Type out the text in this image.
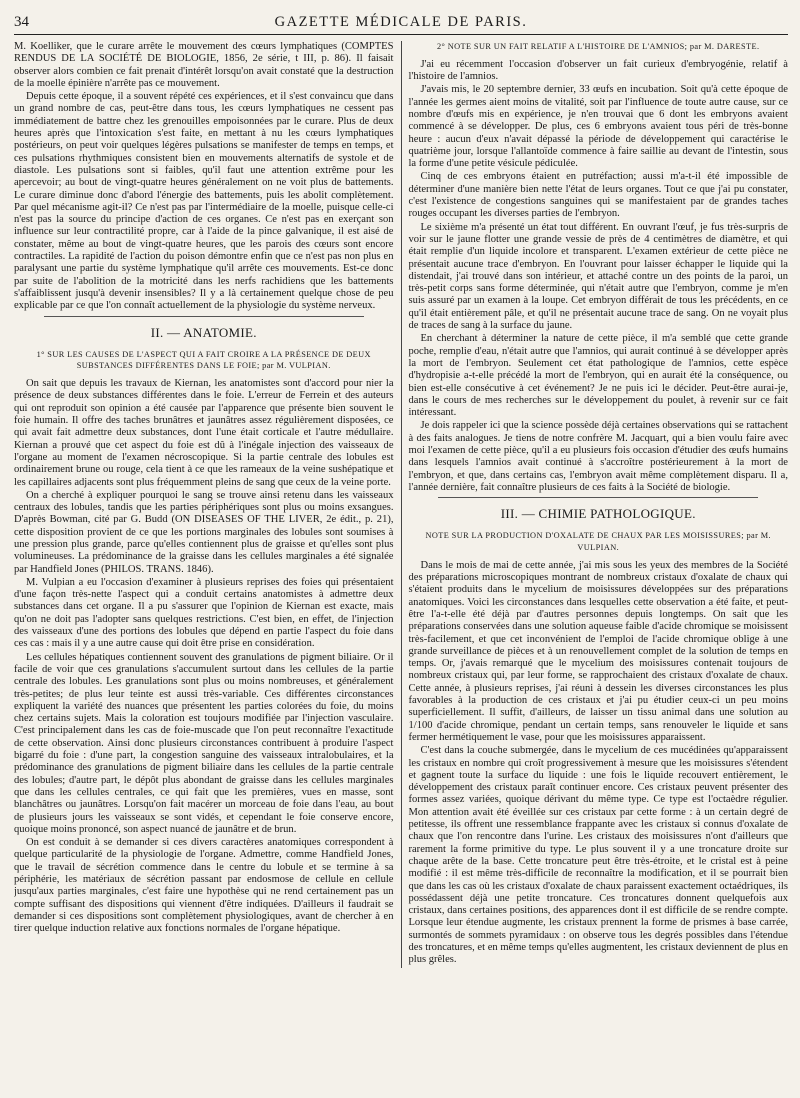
34	GAZETTE MÉDICALE DE PARIS.

M. Koelliker, que le curare arrête le mouvement des cœurs lymphatiques (COMPTES RENDUS DE LA SOCIÉTÉ DE BIOLOGIE, 1856, 2e série, t III, p. 86). Il faisait observer alors combien ce fait prenait d'intérêt lorsqu'on avait constaté que la destruction de la moelle épinière n'arrête pas ce mouvement.

Depuis cette époque, il a souvent répété ces expériences, et il s'est convaincu que dans un grand nombre de cas, peut-être dans tous, les cœurs lymphatiques ne cessent pas immédiatement de battre chez les grenouilles empoisonnées par le curare. Plus de deux heures après que l'intoxication s'est faite, en mettant à nu les cœurs lymphatiques postérieurs, on peut voir quelques légères pulsations se manifester de temps en temps, et ces pulsations rhythmiques consistent bien en mouvements alternatifs de systole et de diastole. Les pulsations sont si faibles, qu'il faut une attention extrême pour les apercevoir; au bout de vingt-quatre heures généralement on ne voit plus de battements. Le curare diminue donc d'abord l'énergie des battements, puis les abolit complètement. Par quel mécanisme agit-il? Ce n'est pas par l'intermédiaire de la moelle, puisque celle-ci n'est pas la source du principe d'action de ces organes. Ce n'est pas en exerçant son influence sur leur contractilité propre, car à l'aide de la pince galvanique, il est aisé de constater, même au bout de vingt-quatre heures, que les parois des cœurs sont encore contractiles. La rapidité de l'action du poison démontre enfin que ce n'est pas non plus en paralysant une partie du système lymphatique qu'il arrête ces mouvements. Est-ce donc par suite de l'abolition de la motricité dans les nerfs rachidiens que les battements s'affaiblissent jusqu'à devenir insensibles? Il y a là certainement quelque chose de peu explicable par ce que l'on connaît actuellement de la physiologie du système nerveux.

II. — ANATOMIE.
1° SUR LES CAUSES DE L'ASPECT QUI A FAIT CROIRE A LA PRÉSENCE DE DEUX SUBSTANCES DIFFÉRENTES DANS LE FOIE; par M. VULPIAN.

On sait que depuis les travaux de Kiernan, les anatomistes sont d'accord pour nier la présence de deux substances différentes dans le foie. L'erreur de Ferrein et des auteurs qui ont reproduit son opinion a été causée par l'apparence que présente bien souvent le foie humain. Il offre des taches brunâtres et jaunâtres assez régulièrement disposées, ce qui avait fait admettre deux substances, dont l'une était corticale et l'autre médullaire. Kiernan a prouvé que cet aspect du foie est dû à l'inégale injection des vaisseaux de l'organe au moment de l'examen nécroscopique. Si la partie centrale des lobules est ordinairement brune ou rouge, cela tient à ce que les rameaux de la veine sushépatique et les capillaires adjacents sont plus fréquemment pleins de sang que ceux de la veine porte.

On a cherché à expliquer pourquoi le sang se trouve ainsi retenu dans les vaisseaux centraux des lobules, tandis que les parties périphériques sont plus ou moins exsangues. D'après Bowman, cité par G. Budd (ON DISEASES OF THE LIVER, 2e édit., p. 21), cette disposition provient de ce que les portions marginales des lobules sont soumises à une pression plus grande, parce qu'elles contiennent plus de graisse et qu'elles sont plus volumineuses. La prédominance de la graisse dans les cellules marginales a été signalée par Handfield Jones (PHILOS. TRANS. 1846).

M. Vulpian a eu l'occasion d'examiner à plusieurs reprises des foies qui présentaient d'une façon très-nette l'aspect qui a conduit certains anatomistes à admettre deux substances dans cet organe. Il a pu s'assurer que l'opinion de Kiernan est exacte, mais qu'on ne doit pas l'adopter sans quelques restrictions. C'est bien, en effet, de l'injection des vaisseaux d'une des portions des lobules que dépend en partie l'aspect du foie dans ces cas : mais il y a une autre cause qui doit être prise en considération.

Les cellules hépatiques contiennent souvent des granulations de pigment biliaire. Or il facile de voir que ces granulations s'accumulent surtout dans les cellules de la partie centrale des lobules. Les granulations sont plus ou moins nombreuses, et généralement très-petites; de plus leur teinte est aussi très-variable. Ces différentes circonstances expliquent la variété des nuances que présentent les parties colorées du foie, du moins chez certains sujets. Mais la coloration est toujours modifiée par l'injection vasculaire. C'est principalement dans les cas de foie-muscade que l'on peut reconnaître l'exactitude de cette observation. Ainsi donc plusieurs circonstances contribuent à produire l'aspect bigarré du foie : d'une part, la congestion sanguine des vaisseaux intralobulaires, et la prédominance des granulations de pigment biliaire dans les cellules de la partie centrale des lobules; d'autre part, le dépôt plus abondant de graisse dans les cellules marginales que dans les cellules centrales, ce qui fait que les premières, vues en masse, sont blanchâtres ou jaunâtres. Lorsqu'on fait macérer un morceau de foie dans l'eau, au bout de plusieurs jours les vaisseaux se sont vidés, et cependant le foie conserve encore, quoique moins prononcé, son aspect nuancé de jaunâtre et de brun.

On est conduit à se demander si ces divers caractères anatomiques correspondent à quelque particularité de la physiologie de l'organe. Admettre, comme Handfield Jones, que le travail de sécrétion commence dans le centre du lobule et se termine à sa périphérie, les matériaux de sécrétion passant par endosmose de cellule en cellule jusqu'aux parties marginales, c'est faire une hypothèse qui ne rend certainement pas un compte suffisant des dispositions qui viennent d'être indiquées. D'ailleurs il faudrait se demander si ces dispositions sont complètement physiologiques, avant de chercher à en tirer quelque induction relative aux fonctions normales de l'organe hépatique.

2° NOTE SUR UN FAIT RELATIF A L'HISTOIRE DE L'AMNIOS; par M. DARESTE.

J'ai eu récemment l'occasion d'observer un fait curieux d'embryogénie, relatif à l'histoire de l'amnios.

J'avais mis, le 20 septembre dernier, 33 œufs en incubation. Soit qu'à cette époque de l'année les germes aient moins de vitalité, soit par l'influence de toute autre cause, sur ce nombre d'œufs mis en expérience, je n'en trouvai que 6 dont les embryons avaient commencé à se développer. De plus, ces 6 embryons avaient tous péri de très-bonne heure : aucun d'eux n'avait dépassé la période de développement qui caractérise le quatrième jour, lorsque l'allantoïde commence à faire saillie au devant de l'intestin, sous la forme d'une petite vésicule pédiculée.

Cinq de ces embryons étaient en putréfaction; aussi m'a-t-il été impossible de déterminer d'une manière bien nette l'état de leurs organes. Tout ce que j'ai pu constater, c'est l'existence de congestions sanguines qui se manifestaient par de grandes taches rouges occupant les diverses parties de l'embryon.

Le sixième m'a présenté un état tout différent. En ouvrant l'œuf, je fus très-surpris de voir sur le jaune flotter une grande vessie de près de 4 centimètres de diamètre, et qui était remplie d'un liquide incolore et transparent. L'examen extérieur de cette pièce ne présentait aucune trace d'embryon. En l'ouvrant pour laisser échapper le liquide qui la distendait, j'ai trouvé dans son intérieur, et attaché contre un des points de la paroi, un très-petit corps sans forme déterminée, qui n'était autre que l'embryon, comme je m'en suis assuré par un examen à la loupe. Cet embryon différait de tous les précédents, en ce qu'il était entièrement pâle, et qu'il ne présentait aucune trace de sang. On ne voyait plus de traces de sang à la surface du jaune.

En cherchant à déterminer la nature de cette pièce, il m'a semblé que cette grande poche, remplie d'eau, n'était autre que l'amnios, qui aurait continué à se développer après la mort de l'embryon. Seulement cet état pathologique de l'amnios, cette espèce d'hydropisie a-t-elle précédé la mort de l'embryon, qui en aurait été la conséquence, ou bien est-elle consécutive à cet événement? Je ne puis ici le décider. Peut-être aurai-je, dans le cours de mes recherches sur le développement du poulet, à revenir sur ce fait intéressant.

Je dois rappeler ici que la science possède déjà certaines observations qui se rattachent à des faits analogues. Je tiens de notre confrère M. Jacquart, qui a bien voulu faire avec moi l'examen de cette pièce, qu'il a eu plusieurs fois occasion d'étudier des œufs humains dans lesquels l'amnios avait continué à s'accroître postérieurement à la mort de l'embryon, et que, dans certains cas, l'embryon avait même complètement disparu. Il a, l'année dernière, fait connaître plusieurs de ces faits à la Société de biologie.

III. — CHIMIE PATHOLOGIQUE.
NOTE SUR LA PRODUCTION D'OXALATE DE CHAUX PAR LES MOISISSURES; par M. VULPIAN.

Dans le mois de mai de cette année, j'ai mis sous les yeux des membres de la Société des préparations microscopiques montrant de nombreux cristaux d'oxalate de chaux qui s'étaient produits dans le mycelium de moisissures développées sur des préparations anatomiques. Voici les circonstances dans lesquelles cette observation a été faite, et peut-être l'a-t-elle été déjà par d'autres personnes depuis longtemps. On sait que les préparations conservées dans une solution aqueuse faible d'acide chromique se moisissent très-facilement, et que cet inconvénient de l'emploi de l'acide chromique oblige à une grande surveillance de pièces et à un renouvellement complet de la solution de temps en temps. Or, j'avais remarqué que le mycelium des moisissures contenait toujours de nombreux cristaux qui, par leur forme, se rapprochaient des cristaux d'oxalate de chaux. Cette année, à plusieurs reprises, j'ai réuni à dessein les diverses circonstances les plus favorables à la production de ces cristaux et j'ai pu étudier ceux-ci un peu moins superficiellement. Il suffit, d'ailleurs, de laisser un tissu animal dans une solution au 1/100 d'acide chromique, pendant un certain temps, sans renouveler le liquide et sans fermer hermétiquement le vase, pour que les moisissures apparaissent.

C'est dans la couche submergée, dans le mycelium de ces mucédinées qu'apparaissent les cristaux en nombre qui croît progressivement à mesure que les moisissures s'étendent et gagnent toute la surface du liquide : une fois le liquide recouvert entièrement, le développement des cristaux paraît continuer encore. Ces cristaux peuvent présenter des formes assez variées, quoique dérivant du même type. Ce type est l'octaèdre régulier. Mon attention avait été éveillée sur ces cristaux par cette forme : à un certain degré de petitesse, ils offrent une ressemblance frappante avec les cristaux si connus d'oxalate de chaux que l'on rencontre dans l'urine. Les cristaux des moisissures n'ont d'ailleurs que rarement la forme primitive du type. Le plus souvent il y a une troncature droite sur chaque arête de la base. Cette troncature peut être très-étroite, et le cristal est à peine modifié : il est même très-difficile de reconnaître la modification, et il se pourrait bien que dans les cas où les cristaux d'oxalate de chaux paraissent exactement octaédriques, ils possédassent déjà une petite troncature. Ces troncatures donnent quelquefois aux cristaux, dans certaines positions, des apparences dont il est difficile de se rendre compte. Lorsque leur étendue augmente, les cristaux prennent la forme de prismes à base carrée, surmontés de sommets pyramidaux : on observe tous les degrés possibles dans l'étendue des troncatures, et en même temps qu'elles augmentent, les cristaux deviennent de plus en plus grêles.
